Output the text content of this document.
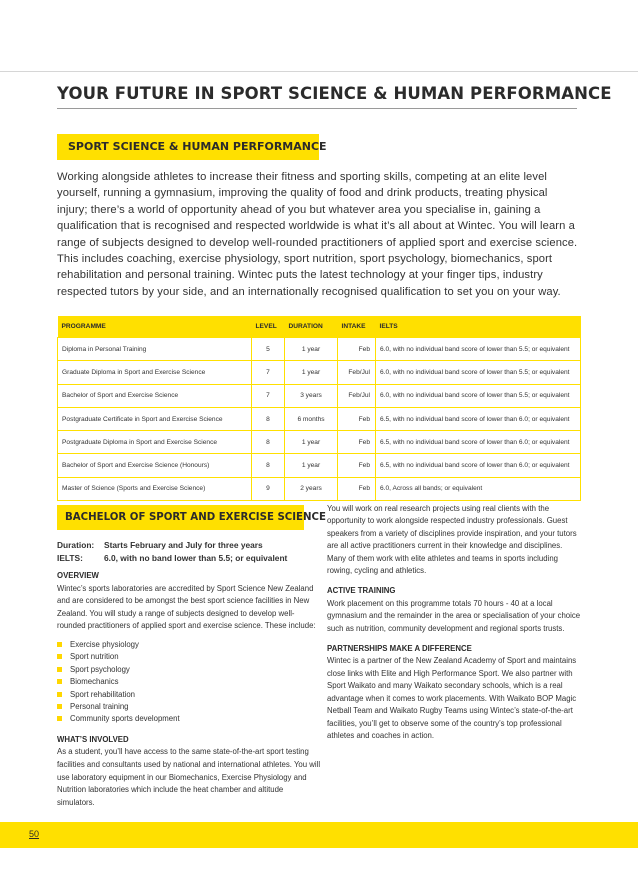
YOUR FUTURE IN SPORT SCIENCE & HUMAN PERFORMANCE
SPORT SCIENCE & HUMAN PERFORMANCE

Working alongside athletes to increase their fitness and sporting skills, competing at an elite level yourself, running a gymnasium, improving the quality of food and drink products, treating physical injury; there’s a world of opportunity ahead of you but whatever area you specialise in, gaining a qualification that is recognised and respected worldwide is what it’s all about at Wintec. You will learn a range of subjects designed to develop well-rounded practitioners of applied sport and exercise science. This includes coaching, exercise physiology, sport nutrition, sport psychology, biomechanics, sport rehabilitation and personal training. Wintec puts the latest technology at your finger tips, industry respected tutors by your side, and an internationally recognised qualification to set you on your way.

PROGRAMME	LEVEL	DURATION	INTAKE	IELTS
Diploma in Personal Training	5	1 year	Feb	6.0, with no individual band score of lower than 5.5; or equivalent
Graduate Diploma in Sport and Exercise Science	7	1 year	Feb/Jul	6.0, with no individual band score of lower than 5.5; or equivalent
Bachelor of Sport and Exercise Science	7	3 years	Feb/Jul	6.0, with no individual band score of lower than 5.5; or equivalent
Postgraduate Certificate in Sport and Exercise Science	8	6 months	Feb	6.5, with no individual band score of lower than 6.0; or equivalent
Postgraduate Diploma in Sport and Exercise Science	8	1 year	Feb	6.5, with no individual band score of lower than 6.0; or equivalent
Bachelor of Sport and Exercise Science (Honours)	8	1 year	Feb	6.5, with no individual band score of lower than 6.0; or equivalent
Master of Science (Sports and Exercise Science)	9	2 years	Feb	6.0, Across all bands; or equivalent
BACHELOR OF SPORT AND EXERCISE SCIENCE
Duration:	Starts February and July for three years
IELTS:	6.0, with no band lower than 5.5; or equivalent

OVERVIEW

Wintec’s sports laboratories are accredited by Sport Science New Zealand and are considered to be amongst the best sport science facilities in New Zealand. You will study a range of subjects designed to develop well-rounded practitioners of applied sport and exercise science. These include:

Exercise physiology
Sport nutrition
Sport psychology
Biomechanics
Sport rehabilitation
Personal training
Community sports development

WHAT’S INVOLVED

As a student, you’ll have access to the same state-of-the-art sport testing facilities and consultants used by national and international athletes. You will use laboratory equipment in our Biomechanics, Exercise Physiology and Nutrition laboratories which include the heat chamber and altitude simulators.

You will work on real research projects using real clients with the opportunity to work alongside respected industry professionals. Guest speakers from a variety of disciplines provide inspiration, and your tutors are all active practitioners current in their knowledge and disciplines. Many of them work with elite athletes and teams in sports including rowing, cycling and athletics.

ACTIVE TRAINING

Work placement on this programme totals 70 hours - 40 at a local gymnasium and the remainder in the area or specialisation of your choice such as nutrition, community development and regional sports trusts.

PARTNERSHIPS MAKE A DIFFERENCE

Wintec is a partner of the New Zealand Academy of Sport and maintains close links with Elite and High Performance Sport. We also partner with Sport Waikato and many Waikato secondary schools, which is a real advantage when it comes to work placements. With Waikato BOP Magic Netball Team and Waikato Rugby Teams using Wintec’s state-of-the-art facilities, you’ll get to observe some of the country’s top professional athletes and coaches in action.

50
